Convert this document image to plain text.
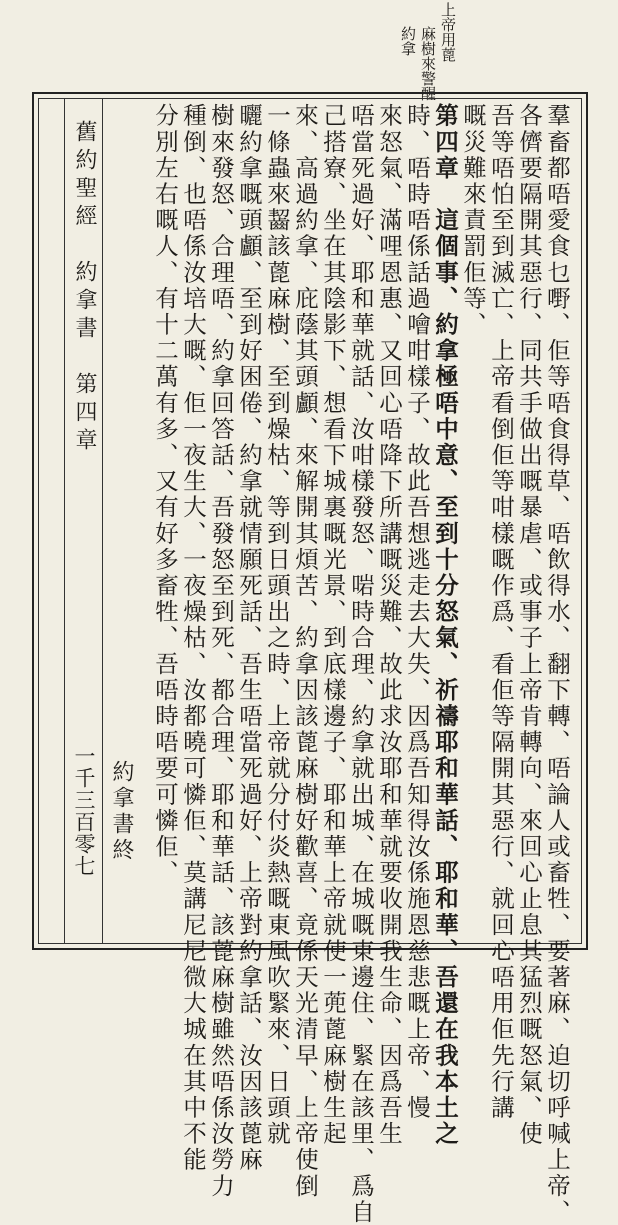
上帝用蓖
麻樹來警醒
約拿
羣畜都唔愛食乜嘢、佢等唔食得草、唔飲得水、翻下轉、唔論人或畜牲、要著麻、迫切呼喊上帝、
各儕要隔開其惡行、同共手做出嘅暴虐、或事子上帝肯轉向、來回心止息其猛烈嘅怒氣、使
吾等唔怕至到滅亡、上帝看倒佢等咁樣嘅作爲、看佢等隔開其惡行、就回心唔用佢先行講
嘅災難來責罰佢等、
第四章　這個事、約拿極唔中意、至到十分怒氣、祈禱耶和華話、耶和華、吾還在我本土之
時、唔時唔係話過噲咁樣子、故此吾想逃走去大失、因爲吾知得汝係施恩慈悲嘅上帝、慢
來怒氣、滿哩恩惠、又回心唔降下所講嘅災難、故此求汝耶和華就要收開我生命、因爲吾生
唔當死過好、耶和華就話、汝咁樣發怒、啱時合理、約拿就出城、在城嘅東邊住、緊在該里、爲自
己搭寮、坐在其陰影下、想看下城裏嘅光景、到底樣邊子、耶和華上帝就使一蔸蓖麻樹生起
來、高過約拿、庇蔭其頭顱、來解開其煩苦、約拿因該蓖麻樹好歡喜、竟係天光清早、上帝使倒
一條蟲來齧該蓖麻樹、至到燥枯、等到日頭出之時、上帝就分付炎熱嘅東風吹緊來、日頭就
曬約拿嘅頭顱、至到好困倦、約拿就情願死話、吾生唔當死過好、上帝對約拿話、汝因該蓖麻
樹來發怒、合理唔、約拿回答話、吾發怒至到死、都合理、耶和華話、該蓖麻樹雖然唔係汝勞力
種倒、也唔係汝培大嘅、佢一夜生大、一夜燥枯、汝都曉可憐佢、莫講尼尼微大城在其中不能
分別左右嘅人、有十二萬有多、又有好多畜牲、吾唔時唔要可憐佢、
約拿書終
舊約聖經　約拿書　第四章
一千三百零七
